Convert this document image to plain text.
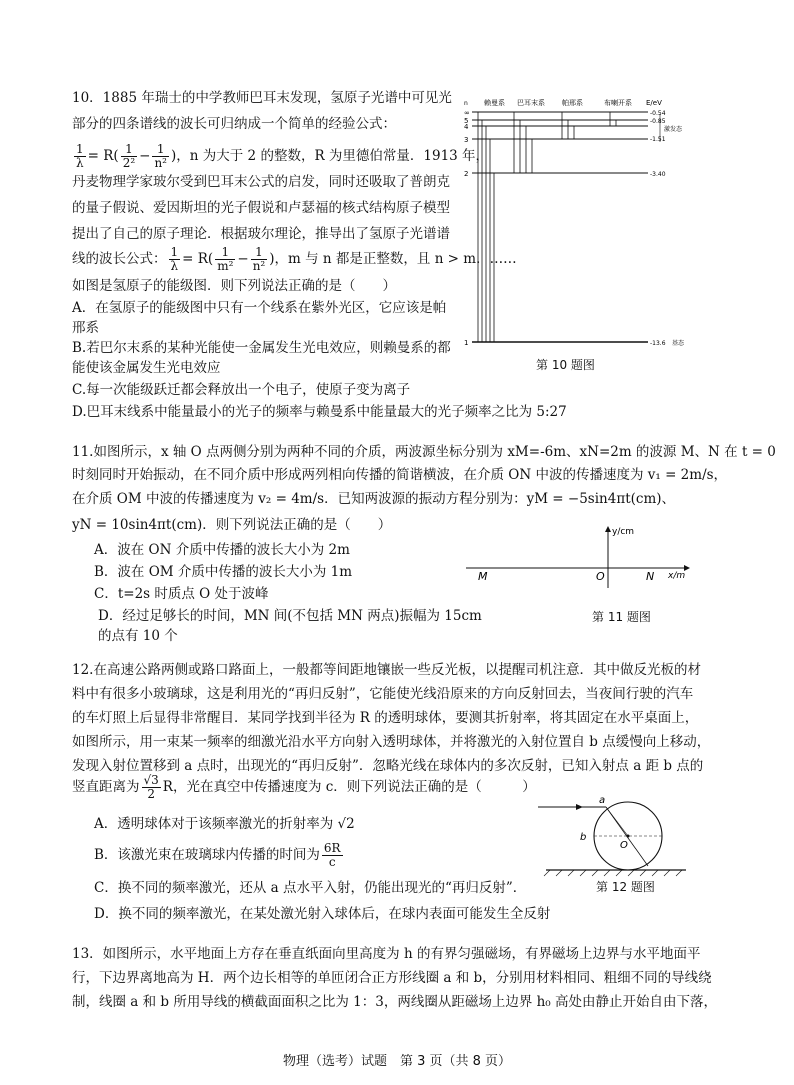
10．1885 年瑞士的中学教师巴耳末发现，氢原子光谱中可见光
部分的四条谱线的波长可归纳成一个简单的经验公式：
$\frac{1}{\lambda} = R( \frac{1}{\text{2²}} - \frac{1}{\text{n²}}$ )，n 为大于 2 的整数，R 为里德伯常量．1913 年，
丹麦物理学家玻尔受到巴耳末公式的启发，同时还吸取了普朗克
的量子假说、爱因斯坦的光子假说和卢瑟福的核式结构原子模型
提出了自己的原子理论．根据玻尔理论，推导出了氢原子光谱谱
线的波长公式： $\frac{1}{\lambda} = R( \frac{1}{\text{m²}} - \frac{1}{\text{n²}}$ )，m 与 n 都是正整数，且 n > m．……
如图是氢原子的能级图．则下列说法正确的是（　　）
A．在氢原子的能级图中只有一个线系在紫外光区，它应该是帕
邢系
B.若巴尔末系的某种光能使一金属发生光电效应，则赖曼系的都
能使该金属发生光电效应
C.每一次能级跃迁都会释放出一个电子，使原子变为离子
D.巴耳末线系中能量最小的光子的频率与赖曼系中能量最大的光子频率之比为 5:27
赖曼系 巴耳末系 帕邢系	布喇开系 E/eV
n
∞
5
4
3
2
1
-0.54
-0.85
-1.51
-3.40
-13.6
激发态
基态
第 10 题图
11.如图所示，x 轴 O 点两侧分别为两种不同的介质，两波源坐标分别为 xM=-6m、xN=2m 的波源 M、N 在 t = 0
时刻同时开始振动，在不同介质中形成两列相向传播的简谐横波，在介质 ON 中波的传播速度为 v₁ = 2m/s，
在介质 OM 中波的传播速度为 v₂ = 4m/s．已知两波源的振动方程分别为：yM = −5sin4πt(cm)、
yN = 10sin4πt(cm)．则下列说法正确的是（　　）
A．波在 ON 介质中传播的波长大小为 2m
B．波在 OM 介质中传播的波长大小为 1m
C．t=2s 时质点 O 处于波峰
D．经过足够长的时间，MN 间(不包括 MN 两点)振幅为 15cm
的点有 10 个
y/cm
x/m
M	O	N
第 11 题图
12.在高速公路两侧或路口路面上，一般都等间距地镶嵌一些反光板，以提醒司机注意．其中做反光板的材
料中有很多小玻璃球，这是利用光的“再归反射”，它能使光线沿原来的方向反射回去，当夜间行驶的汽车
的车灯照上后显得非常醒目．某同学找到半径为 R 的透明球体，要测其折射率，将其固定在水平桌面上，
如图所示，用一束某一频率的细激光沿水平方向射入透明球体，并将激光的入射位置自 b 点缓慢向上移动，
发现入射位置移到 a 点时，出现光的“再归反射”．忽略光线在球体内的多次反射，已知入射点 a 距 b 点的
竖直距离为 $\frac{√3}{2}$ R，光在真空中传播速度为 c．则下列说法正确的是（　　　）
A．透明球体对于该频率激光的折射率为 √2
B．该激光束在玻璃球内传播的时间为 $\frac{6R}{c}$
C．换不同的频率激光，还从 a 点水平入射，仍能出现光的“再归反射”．
D．换不同的频率激光，在某处激光射入球体后，在球内表面可能发生全反射
a
b
O
第 12 题图
13．如图所示，水平地面上方存在垂直纸面向里高度为 h 的有界匀强磁场，有界磁场上边界与水平地面平
行，下边界离地高为 H．两个边长相等的单匝闭合正方形线圈 a 和 b，分别用材料相同、粗细不同的导线绕
制，线圈 a 和 b 所用导线的横截面面积之比为 1：3，两线圈从距磁场上边界 h₀ 高处由静止开始自由下落，
物理（选考）试题　第 3 页（共 8 页）
